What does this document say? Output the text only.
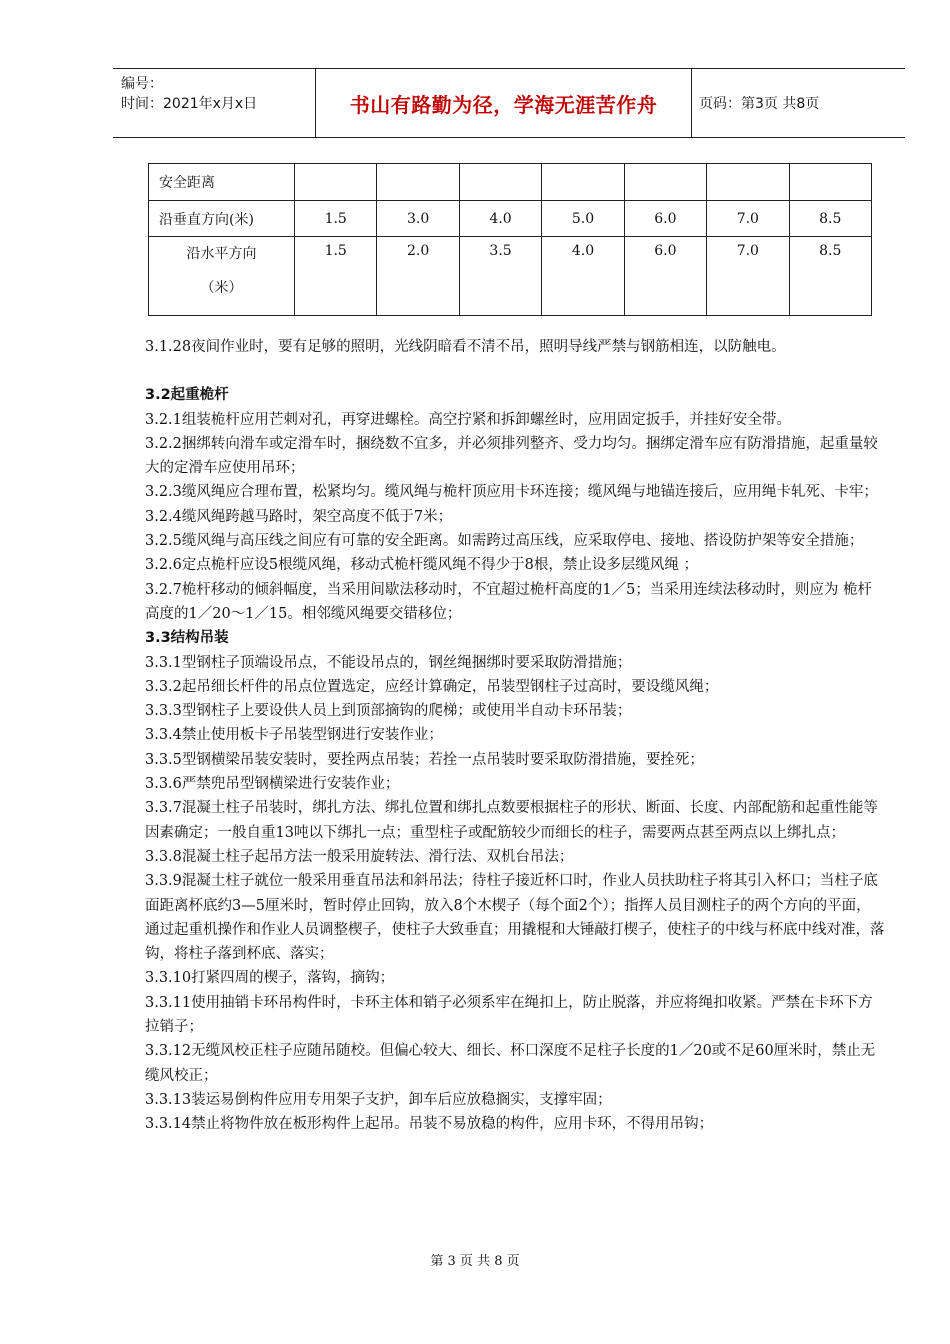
编号：
时间：2021年x月x日	书山有路勤为径，学海无涯苦作舟	页码：第3页 共8页
安全距离							
沿垂直方向(米)	1.5	3.0	4.0	5.0	6.0	7.0	8.5

沿水平方向
（米）	1.5	2.0	3.5	4.0	6.0	7.0	8.5

3.1.28夜间作业时，要有足够的照明，光线阴暗看不清不吊，照明导线严禁与钢筋相连，以防触电。

3.2起重桅杆

3.2.1组装桅杆应用芒刺对孔，再穿进螺栓。高空拧紧和拆卸螺丝时，应用固定扳手，并挂好安全带。

3.2.2捆绑转向滑车或定滑车时，捆绕数不宜多，并必须排列整齐、受力均匀。捆绑定滑车应有防滑措施，起重量较大的定滑车应使用吊环；

3.2.3缆风绳应合理布置，松紧均匀。缆风绳与桅杆顶应用卡环连接；缆风绳与地锚连接后，应用绳卡轧死、卡牢；

3.2.4缆风绳跨越马路时，架空高度不低于7米；

3.2.5缆风绳与高压线之间应有可靠的安全距离。如需跨过高压线，应采取停电、接地、搭设防护架等安全措施；

3.2.6定点桅杆应设5根缆风绳，移动式桅杆缆风绳不得少于8根，禁止设多层缆风绳 ；

3.2.7桅杆移动的倾斜幅度，当采用间歇法移动时，不宜超过桅杆高度的1／5；当采用连续法移动时，则应为 桅杆高度的1／20～1／15。相邻缆风绳要交错移位；

3.3结构吊装

3.3.1型钢柱子顶端设吊点，不能设吊点的，钢丝绳捆绑时要采取防滑措施；

3.3.2起吊细长杆件的吊点位置选定，应经计算确定，吊装型钢柱子过高时，要设缆风绳；

3.3.3型钢柱子上要设供人员上到顶部摘钩的爬梯；或使用半自动卡环吊装；

3.3.4禁止使用板卡子吊装型钢进行安装作业；

3.3.5型钢横梁吊装安装时，要拴两点吊装；若拴一点吊装时要采取防滑措施，要拴死；

3.3.6严禁兜吊型钢横梁进行安装作业；

3.3.7混凝土柱子吊装时，绑扎方法、绑扎位置和绑扎点数要根据柱子的形状、断面、长度、内部配筋和起重性能等因素确定；一般自重13吨以下绑扎一点；重型柱子或配筋较少而细长的柱子，需要两点甚至两点以上绑扎点；

3.3.8混凝土柱子起吊方法一般采用旋转法、滑行法、双机台吊法；

3.3.9混凝土柱子就位一般采用垂直吊法和斜吊法；待柱子接近杯口时，作业人员扶助柱子将其引入杯口；当柱子底面距离杯底约3—5厘米时，暂时停止回钩，放入8个木楔子（每个面2个）；指挥人员目测柱子的两个方向的平面，通过起重机操作和作业人员调整楔子，使柱子大致垂直；用撬棍和大锤敲打楔子，使柱子的中线与杯底中线对准，落钩，将柱子落到杯底、落实；

3.3.10打紧四周的楔子，落钩，摘钩；

3.3.11使用抽销卡环吊构件时，卡环主体和销子必须系牢在绳扣上，防止脱落，并应将绳扣收紧。严禁在卡环下方拉销子；

3.3.12无缆风校正柱子应随吊随校。但偏心较大、细长、杯口深度不足柱子长度的1／20或不足60厘米时，禁止无缆风校正；

3.3.13装运易倒构件应用专用架子支护，卸车后应放稳搁实，支撑牢固；

3.3.14禁止将物件放在板形构件上起吊。吊装不易放稳的构件，应用卡环，不得用吊钩；

第 3 页 共 8 页
